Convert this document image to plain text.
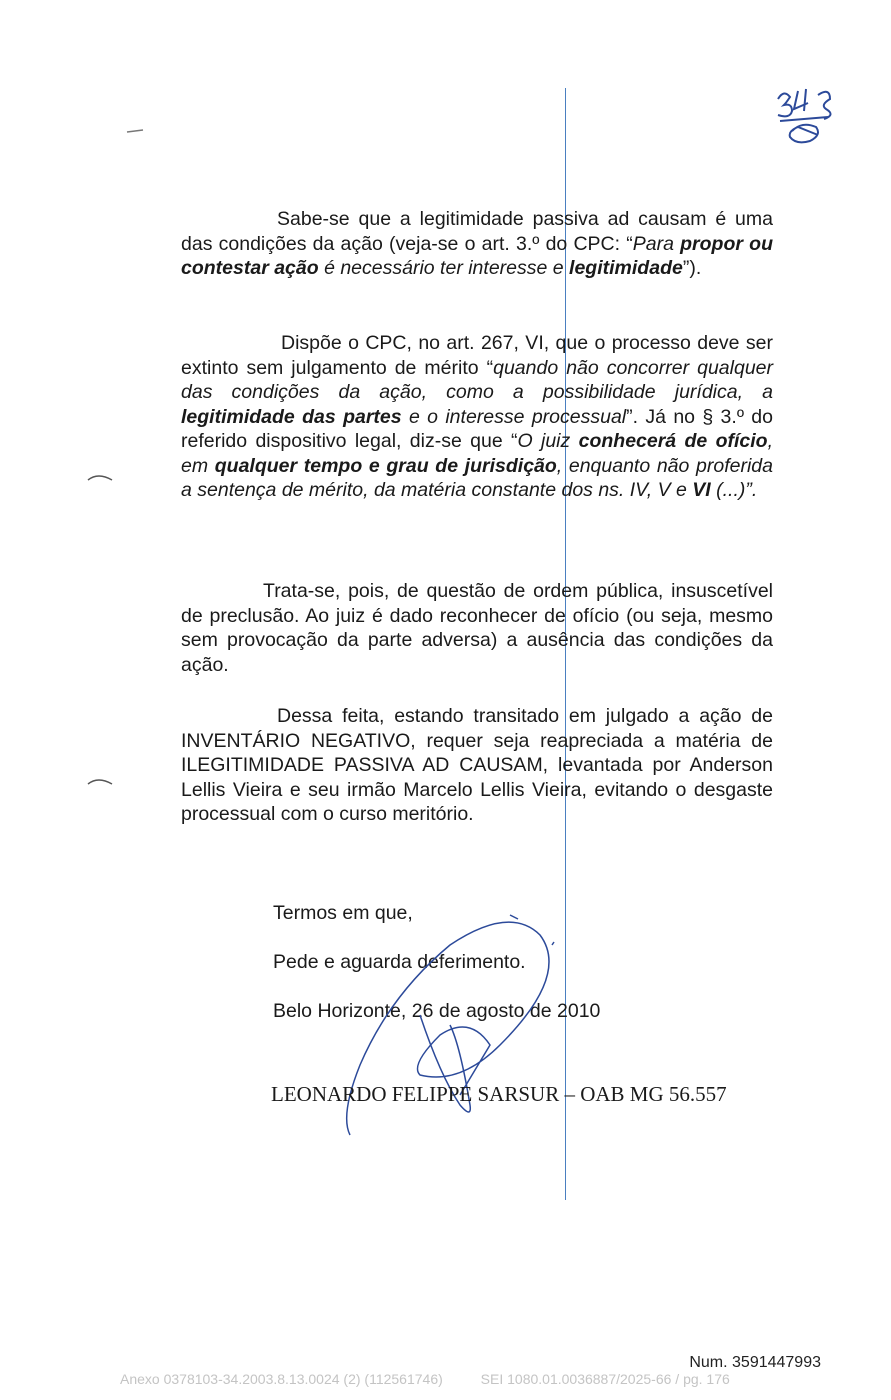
Sabe-se que a legitimidade passiva ad causam é uma das condições da ação (veja-se o art. 3.º do CPC: “Para propor ou contestar ação é necessário ter interesse e legitimidade”).

Dispõe o CPC, no art. 267, VI, que o processo deve ser extinto sem julgamento de mérito “quando não concorrer qualquer das condições da ação, como a possibilidade jurídica, a legitimidade das partes e o interesse processual”. Já no § 3.º do referido dispositivo legal, diz-se que “O juiz conhecerá de ofício, em qualquer tempo e grau de jurisdição, enquanto não proferida a sentença de mérito, da matéria constante dos ns. IV, V e VI (...)”.

Trata-se, pois, de questão de ordem pública, insuscetível de preclusão. Ao juiz é dado reconhecer de ofício (ou seja, mesmo sem provocação da parte adversa) a ausência das condições da ação.

Dessa feita, estando transitado em julgado a ação de INVENTÁRIO NEGATIVO, requer seja reapreciada a matéria de ILEGITIMIDADE PASSIVA AD CAUSAM, levantada por Anderson Lellis Vieira e seu irmão Marcelo Lellis Vieira, evitando o desgaste processual com o curso meritório.

Termos em que,
Pede e aguarda deferimento.
Belo Horizonte, 26 de agosto de 2010
LEONARDO FELIPPE SARSUR – OAB MG 56.557
Num. 3591447993
Anexo 0378103-34.2003.8.13.0024 (2) (112561746)	SEI 1080.01.0036887/2025-66 / pg. 176
